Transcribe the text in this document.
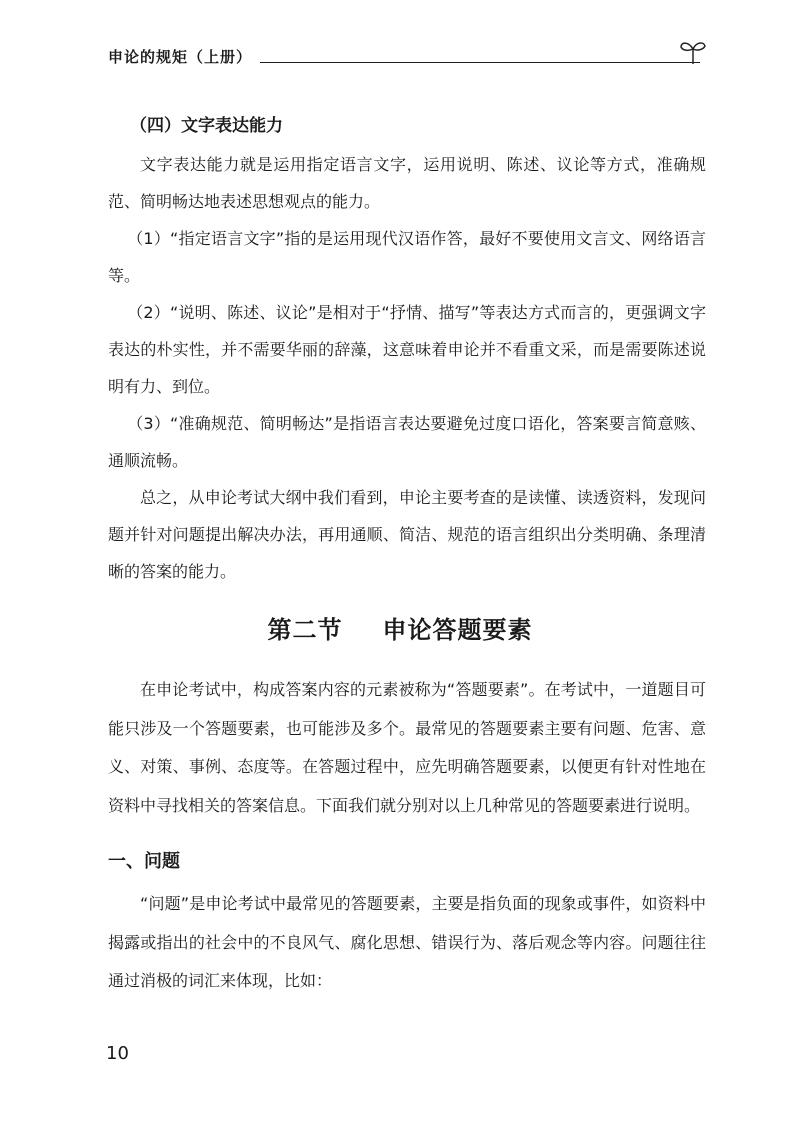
申论的规矩（上册）
（四）文字表达能力

文字表达能力就是运用指定语言文字，运用说明、陈述、议论等方式，准确规范、简明畅达地表述思想观点的能力。

（1）“指定语言文字”指的是运用现代汉语作答，最好不要使用文言文、网络语言等。

（2）“说明、陈述、议论”是相对于“抒情、描写”等表达方式而言的，更强调文字表达的朴实性，并不需要华丽的辞藻，这意味着申论并不看重文采，而是需要陈述说明有力、到位。

（3）“准确规范、简明畅达”是指语言表达要避免过度口语化，答案要言简意赅、通顺流畅。

总之，从申论考试大纲中我们看到，申论主要考查的是读懂、读透资料，发现问题并针对问题提出解决办法，再用通顺、简洁、规范的语言组织出分类明确、条理清晰的答案的能力。

第二节 申论答题要素

在申论考试中，构成答案内容的元素被称为“答题要素”。在考试中，一道题目可能只涉及一个答题要素，也可能涉及多个。最常见的答题要素主要有问题、危害、意义、对策、事例、态度等。在答题过程中，应先明确答题要素，以便更有针对性地在资料中寻找相关的答案信息。下面我们就分别对以上几种常见的答题要素进行说明。

一、问题

“问题”是申论考试中最常见的答题要素，主要是指负面的现象或事件，如资料中揭露或指出的社会中的不良风气、腐化思想、错误行为、落后观念等内容。问题往往通过消极的词汇来体现，比如：

10
